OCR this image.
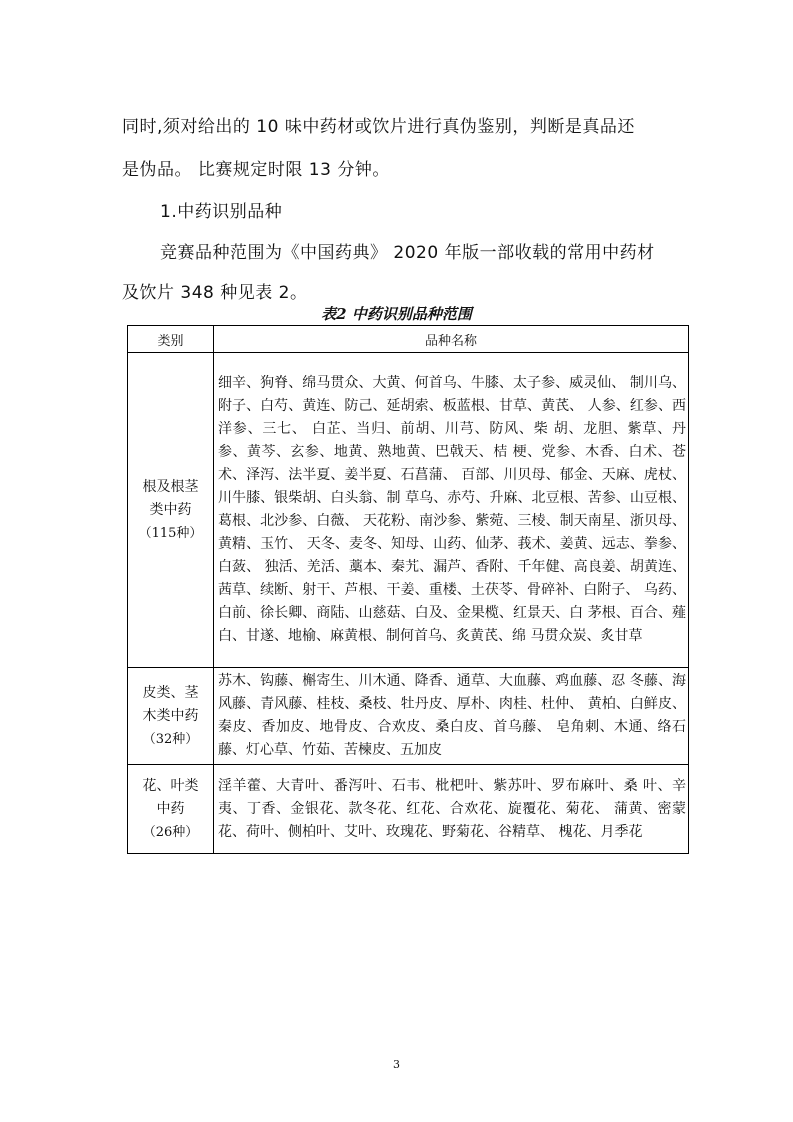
同时,须对给出的 10 味中药材或饮片进行真伪鉴别，判断是真品还
是伪品。 比赛规定时限 13 分钟。
1.中药识别品种
竞赛品种范围为《中国药典》 2020 年版一部收载的常用中药材
及饮片 348 种见表 2。
表2 中药识别品种范围
类别	品种名称

根及根茎类中药
（115种）	细辛、狗脊、绵马贯众、大黄、何首乌、牛膝、太子参、威灵仙、 制川乌、附子、白芍、黄连、防己、延胡索、板蓝根、甘草、黄芪、 人参、红参、西洋参、三七、 白芷、当归、前胡、川芎、防风、柴 胡、龙胆、紫草、丹参、黄芩、玄参、地黄、熟地黄、巴戟天、桔 梗、党参、木香、白术、苍术、泽泻、法半夏、姜半夏、石菖蒲、 百部、川贝母、郁金、天麻、虎杖、川牛膝、银柴胡、白头翁、制 草乌、赤芍、升麻、北豆根、苦参、山豆根、葛根、北沙参、白薇、 天花粉、南沙参、紫菀、三棱、制天南星、浙贝母、黄精、玉竹、 天冬、麦冬、知母、山药、仙茅、莪术、姜黄、远志、拳参、白蔹、 独活、羌活、藁本、秦艽、漏芦、香附、千年健、高良姜、胡黄连、 茜草、续断、射干、芦根、干姜、重楼、土茯苓、骨碎补、白附子、 乌药、白前、徐长卿、商陆、山慈菇、白及、金果榄、红景天、白 茅根、百合、薤白、甘遂、地榆、麻黄根、制何首乌、炙黄芪、绵 马贯众炭、炙甘草

皮类、茎木类中药
（32种）	苏木、钩藤、槲寄生、川木通、降香、通草、大血藤、鸡血藤、忍 冬藤、海风藤、青风藤、桂枝、桑枝、牡丹皮、厚朴、肉桂、杜仲、 黄柏、白鲜皮、秦皮、香加皮、地骨皮、合欢皮、桑白皮、首乌藤、 皂角刺、木通、络石藤、灯心草、竹茹、苦楝皮、五加皮

花、叶类中药
（26种）	淫羊藿、大青叶、番泻叶、石韦、枇杷叶、紫苏叶、罗布麻叶、桑 叶、辛夷、丁香、金银花、款冬花、红花、合欢花、旋覆花、菊花、 蒲黄、密蒙花、荷叶、侧柏叶、艾叶、玫瑰花、野菊花、谷精草、 槐花、月季花
3
